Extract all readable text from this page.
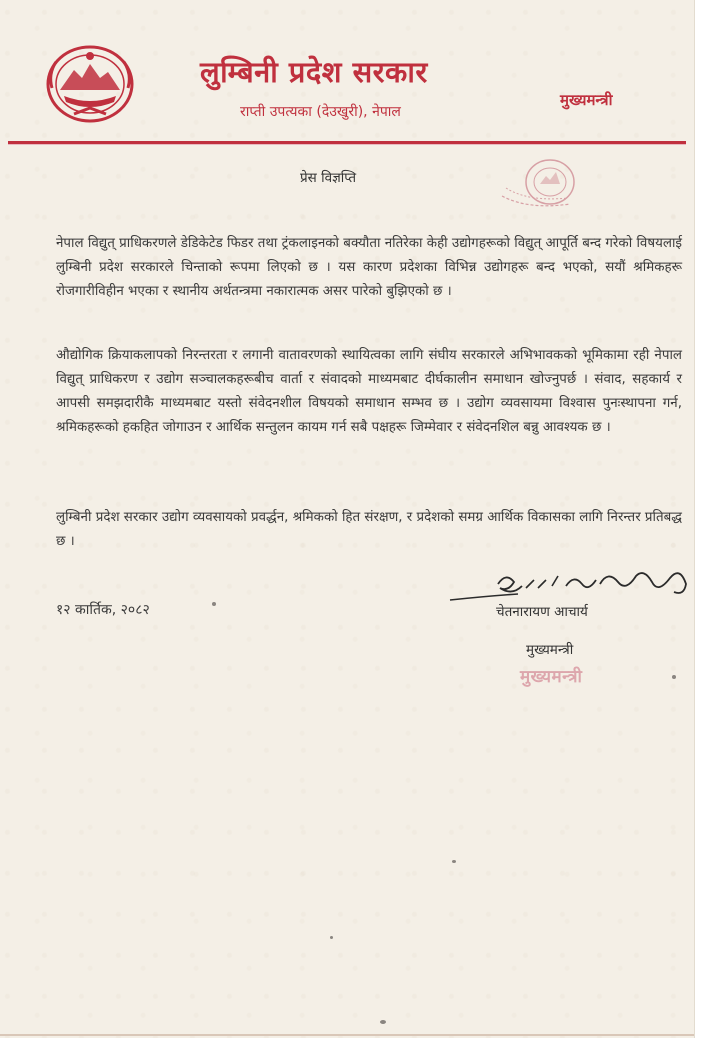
लुम्बिनी प्रदेश सरकार
राप्ती उपत्यका (देउखुरी), नेपाल
मुख्यमन्त्री
प्रेस विज्ञप्ति

नेपाल विद्युत् प्राधिकरणले डेडिकेटेड फिडर तथा ट्रंकलाइनको बक्यौता नतिरेका केही उद्योगहरूको विद्युत् आपूर्ति बन्द गरेको विषयलाई लुम्बिनी प्रदेश सरकारले चिन्ताको रूपमा लिएको छ । यस कारण प्रदेशका विभिन्न उद्योगहरू बन्द भएको, सयौं श्रमिकहरू रोजगारीविहीन भएका र स्थानीय अर्थतन्त्रमा नकारात्मक असर पारेको बुझिएको छ ।

औद्योगिक क्रियाकलापको निरन्तरता र लगानी वातावरणको स्थायित्वका लागि संघीय सरकारले अभिभावकको भूमिकामा रही नेपाल विद्युत् प्राधिकरण र उद्योग सञ्चालकहरूबीच वार्ता र संवादको माध्यमबाट दीर्घकालीन समाधान खोज्नुपर्छ । संवाद, सहकार्य र आपसी समझदारीकै माध्यमबाट यस्तो संवेदनशील विषयको समाधान सम्भव छ । उद्योग व्यवसायमा विश्वास पुनःस्थापना गर्न, श्रमिकहरूको हकहित जोगाउन र आर्थिक सन्तुलन कायम गर्न सबै पक्षहरू जिम्मेवार र संवेदनशिल बन्नु आवश्यक छ ।

लुम्बिनी प्रदेश सरकार उद्योग व्यवसायको प्रवर्द्धन, श्रमिकको हित संरक्षण, र प्रदेशको समग्र आर्थिक विकासका लागि निरन्तर प्रतिबद्ध छ ।

१२ कार्तिक, २०८२	चेतनारायण आचार्य
मुख्यमन्त्री
मुख्यमन्त्री
